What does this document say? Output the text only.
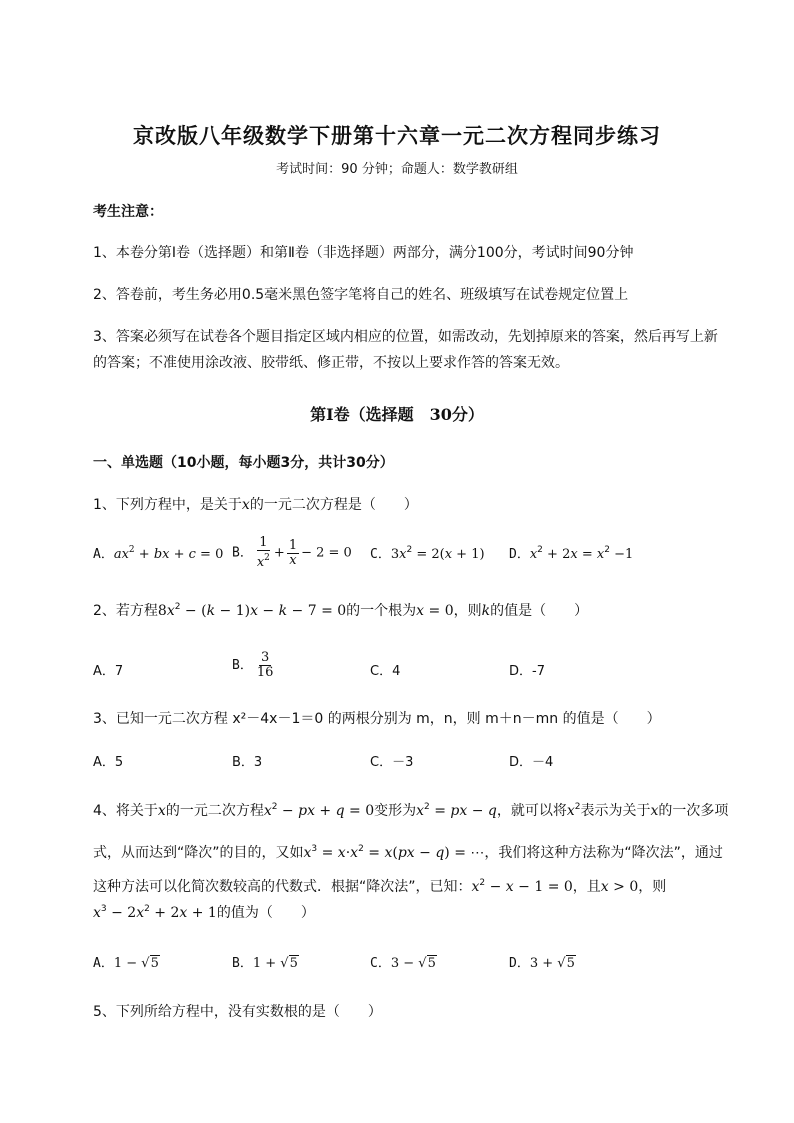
京改版八年级数学下册第十六章一元二次方程同步练习
考试时间：90 分钟；命题人：数学教研组
考生注意：
1、本卷分第Ⅰ卷（选择题）和第Ⅱ卷（非选择题）两部分，满分100分，考试时间90分钟
2、答卷前，考生务必用0.5毫米黑色签字笔将自己的姓名、班级填写在试卷规定位置上
3、答案必须写在试卷各个题目指定区域内相应的位置，如需改动，先划掉原来的答案，然后再写上新
的答案；不准使用涂改液、胶带纸、修正带，不按以上要求作答的答案无效。
第Ⅰ卷（选择题　30分）
一、单选题（10小题，每小题3分，共计30分）
1、下列方程中，是关于x的一元二次方程是（　　）
A．$ax^2$ + bx + c = 0 B． $\frac{1}{x^2} + \frac{1}{x} - 2 = 0$ C．$3x^2 = 2(x + 1)$ D．$x^2 + 2x = x^2 -1$
2、若方程$8x^2 - (k - 1)x - k - 7 = 0$的一个根为x = 0，则k的值是（　　）
A．7	B． $\frac{3}{16}$	C．4	D．-7
3、已知一元二次方程 x²－4x－1＝0 的两根分别为 m，n，则 m＋n－mn 的值是（　　）
A．5	B．3	C．－3	D．－4
4、将关于x的一元二次方程$x^2$ − px + q = 0变形为$x^2$ = px − q，就可以将$x^2$表示为关于x的一次多项
式，从而达到“降次”的目的，又如$x^3 = x\cdot x^2 = x(px - q)$ = ⋯，我们将这种方法称为“降次法”，通过
这种方法可以化简次数较高的代数式．根据“降次法”，已知：$x^2 - x - 1 = 0$，且x > 0，则
$x^3 - 2x^2 + 2x + 1$的值为（　　）
A．1 − √5	B．1 + √5	C．3 − √5	D．3 + √5
5、下列所给方程中，没有实数根的是（　　）
